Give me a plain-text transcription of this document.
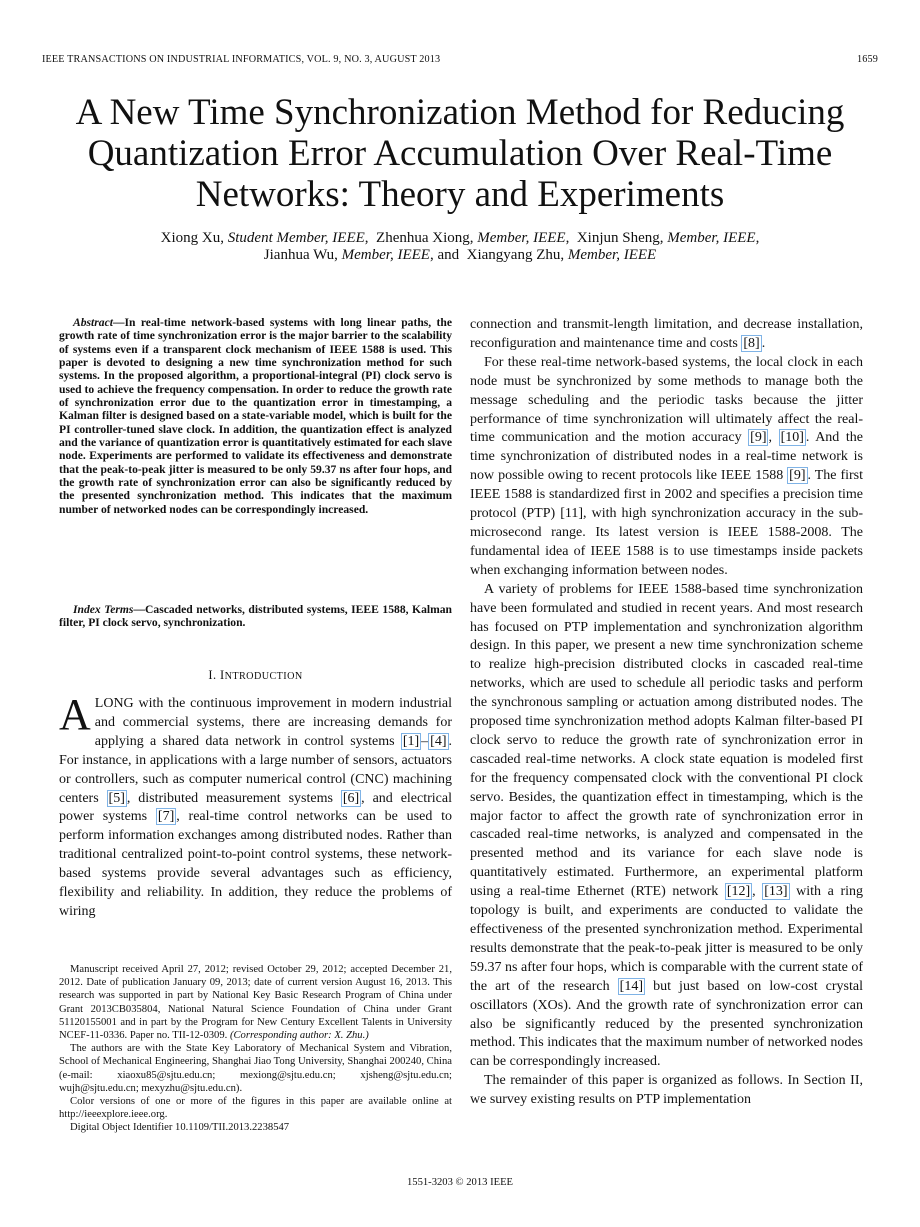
IEEE TRANSACTIONS ON INDUSTRIAL INFORMATICS, VOL. 9, NO. 3, AUGUST 2013	1659
A New Time Synchronization Method for Reducing
Quantization Error Accumulation Over Real-Time
Networks: Theory and Experiments
Xiong Xu, Student Member, IEEE,  Zhenhua Xiong, Member, IEEE,  Xinjun Sheng, Member, IEEE,
Jianhua Wu, Member, IEEE, and Xiangyang Zhu, Member, IEEE

Abstract—In real-time network-based systems with long linear paths, the growth rate of time synchronization error is the major barrier to the scalability of systems even if a transparent clock mechanism of IEEE 1588 is used. This paper is devoted to designing a new time synchronization method for such systems. In the proposed algorithm, a proportional-integral (PI) clock servo is used to achieve the frequency compensation. In order to reduce the growth rate of synchronization error due to the quantization error in timestamping, a Kalman filter is designed based on a state-variable model, which is built for the PI controller-tuned slave clock. In addition, the quantization effect is analyzed and the variance of quantization error is quantitatively estimated for each slave node. Experiments are performed to validate its effectiveness and demonstrate that the peak-to-peak jitter is measured to be only 59.37 ns after four hops, and the growth rate of synchronization error can also be significantly reduced by the presented synchronization method. This indicates that the maximum number of networked nodes can be correspondingly increased.

Index Terms—Cascaded networks, distributed systems, IEEE 1588, Kalman filter, PI clock servo, synchronization.

I. INTRODUCTION

ALONG with the continuous improvement in modern industrial and commercial systems, there are increasing demands for applying a shared data network in control systems [1] – [4] . For instance, in applications with a large number of sensors, actuators or controllers, such as computer numerical control (CNC) machining centers [5] , distributed measurement systems [6] , and electrical power systems [7] , real-time control networks can be used to perform information exchanges among distributed nodes. Rather than traditional centralized point-to-point control systems, these network-based systems provide several advantages such as efficiency, flexibility and reliability. In addition, they reduce the problems of wiring

Manuscript received April 27, 2012; revised October 29, 2012; accepted December 21, 2012. Date of publication January 09, 2013; date of current version August 16, 2013. This research was supported in part by National Key Basic Research Program of China under Grant 2013CB035804, National Natural Science Foundation of China under Grant 51120155001 and in part by the Program for New Century Excellent Talents in University NCEF-11-0336. Paper no. TII-12-0309. (Corresponding author: X. Zhu.)

The authors are with the State Key Laboratory of Mechanical System and Vibration, School of Mechanical Engineering, Shanghai Jiao Tong University, Shanghai 200240, China (e-mail: xiaoxu85@sjtu.edu.cn; mexiong@sjtu.edu.cn; xjsheng@sjtu.edu.cn; wujh@sjtu.edu.cn; mexyzhu@sjtu.edu.cn).

Color versions of one or more of the figures in this paper are available online at http://ieeexplore.ieee.org.

Digital Object Identifier 10.1109/TII.2013.2238547

connection and transmit-length limitation, and decrease installation, reconfiguration and maintenance time and costs [8] .

For these real-time network-based systems, the local clock in each node must be synchronized by some methods to manage both the message scheduling and the periodic tasks because the jitter performance of time synchronization will ultimately affect the real-time communication and the motion accuracy [9] , [10] . And the time synchronization of distributed nodes in a real-time network is now possible owing to recent protocols like IEEE 1588 [9] . The first IEEE 1588 is standardized first in 2002 and specifies a precision time protocol (PTP) [11], with high synchronization accuracy in the sub-microsecond range. Its latest version is IEEE 1588-2008. The fundamental idea of IEEE 1588 is to use timestamps inside packets when exchanging information between nodes.

A variety of problems for IEEE 1588-based time synchronization have been formulated and studied in recent years. And most research has focused on PTP implementation and synchronization algorithm design. In this paper, we present a new time synchronization scheme to realize high-precision distributed clocks in cascaded real-time networks, which are used to schedule all periodic tasks and perform the synchronous sampling or actuation among distributed nodes. The proposed time synchronization method adopts Kalman filter-based PI clock servo to reduce the growth rate of synchronization error in cascaded real-time networks. A clock state equation is modeled first for the frequency compensated clock with the conventional PI clock servo. Besides, the quantization effect in timestamping, which is the major factor to affect the growth rate of synchronization error in cascaded real-time networks, is analyzed and compensated in the presented method and its variance for each slave node is quantitatively estimated. Furthermore, an experimental platform using a real-time Ethernet (RTE) network [12] , [13] with a ring topology is built, and experiments are conducted to validate the effectiveness of the presented synchronization method. Experimental results demonstrate that the peak-to-peak jitter is measured to be only 59.37 ns after four hops, which is comparable with the current state of the art of the research [14] but just based on low-cost crystal oscillators (XOs). And the growth rate of synchronization error can also be significantly reduced by the presented synchronization method. This indicates that the maximum number of networked nodes can be correspondingly increased.

The remainder of this paper is organized as follows. In Section II, we survey existing results on PTP implementation

1551-3203 © 2013 IEEE
